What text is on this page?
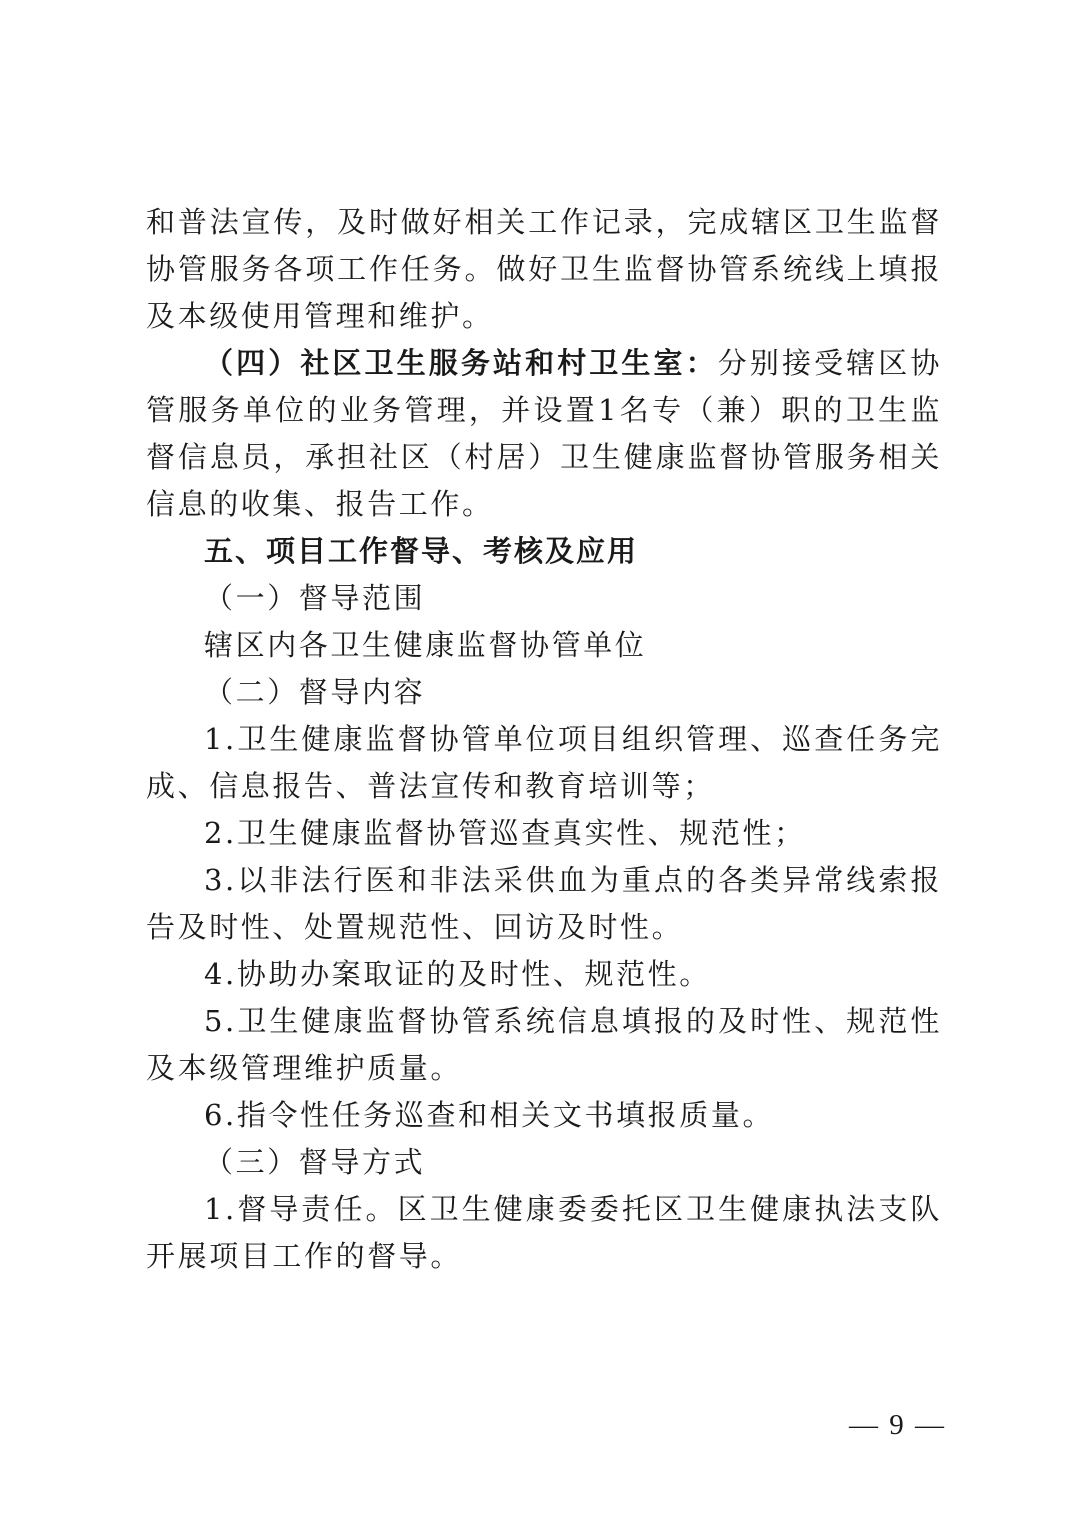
和普法宣传，及时做好相关工作记录，完成辖区卫生监督协管服务各项工作任务。做好卫生监督协管系统线上填报及本级使用管理和维护。

（四）社区卫生服务站和村卫生室：分别接受辖区协管服务单位的业务管理，并设置1名专（兼）职的卫生监督信息员，承担社区（村居）卫生健康监督协管服务相关信息的收集、报告工作。

五、项目工作督导、考核及应用

（一）督导范围

辖区内各卫生健康监督协管单位

（二）督导内容

1.卫生健康监督协管单位项目组织管理、巡查任务完成、信息报告、普法宣传和教育培训等；

2.卫生健康监督协管巡查真实性、规范性；

3.以非法行医和非法采供血为重点的各类异常线索报告及时性、处置规范性、回访及时性。

4.协助办案取证的及时性、规范性。

5.卫生健康监督协管系统信息填报的及时性、规范性及本级管理维护质量。

6.指令性任务巡查和相关文书填报质量。

（三）督导方式

1.督导责任。区卫生健康委委托区卫生健康执法支队开展项目工作的督导。

— 9 —
